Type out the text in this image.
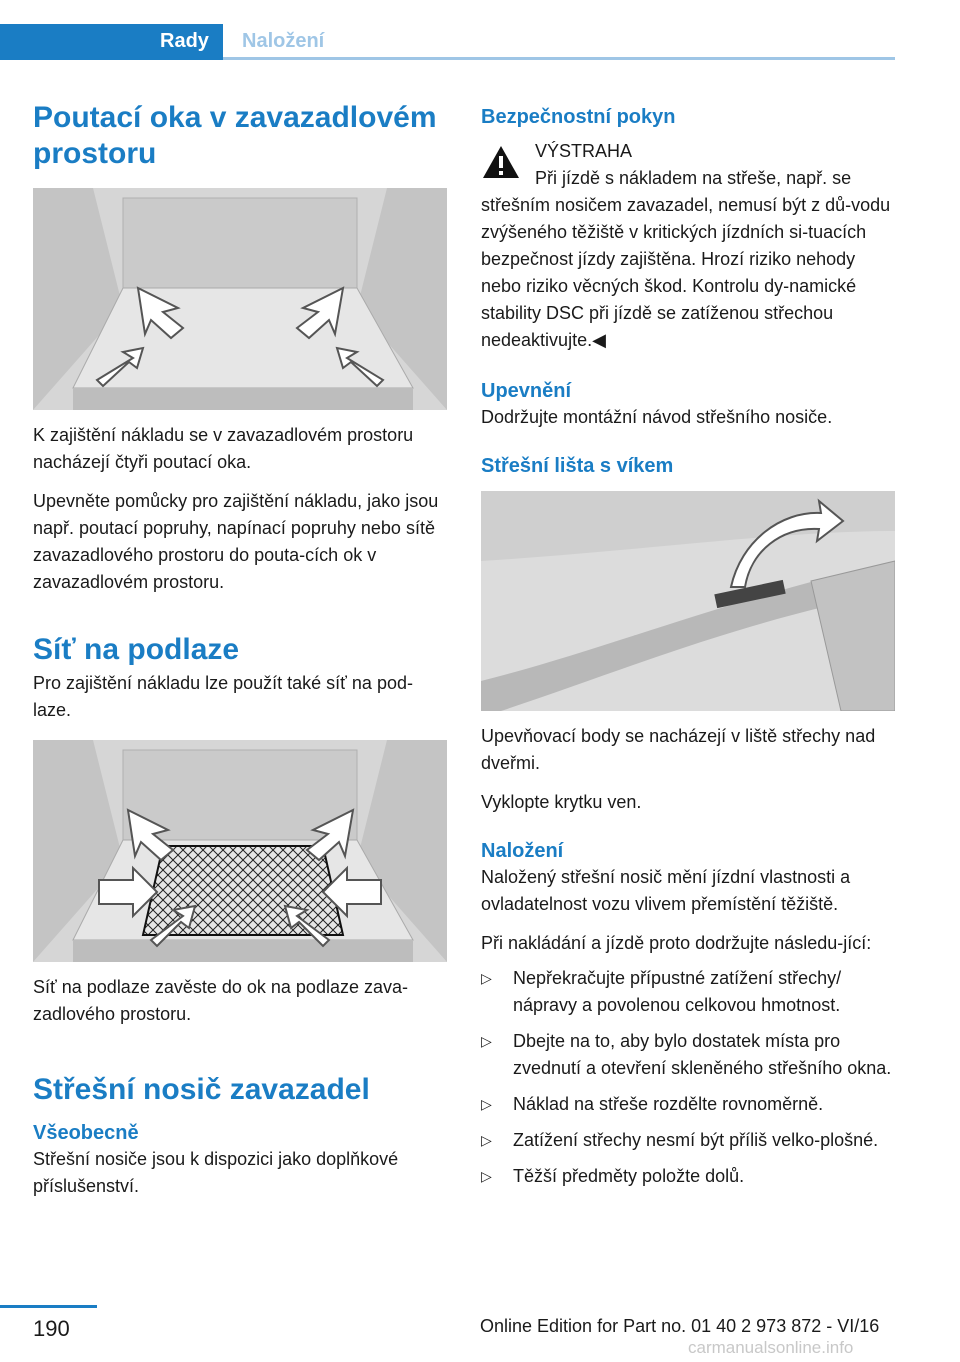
Rady Naložení
Poutací oka v zavazadlovém prostoru

K zajištění nákladu se v zavazadlovém prostoru nacházejí čtyři poutací oka.

Upevněte pomůcky pro zajištění nákladu, jako jsou např. poutací popruhy, napínací popruhy nebo sítě zavazadlového prostoru do pouta-cích ok v zavazadlovém prostoru.

Síť na podlaze

Pro zajištění nákladu lze použít také síť na pod-laze.

Síť na podlaze zavěste do ok na podlaze zava-zadlového prostoru.

Střešní nosič zavazadel
Všeobecně

Střešní nosiče jsou k dispozici jako doplňkové příslušenství.

Bezpečnostní pokyn

VÝSTRAHA

Při jízdě s nákladem na střeše, např. se

střešním nosičem zavazadel, nemusí být z dů-vodu zvýšeného těžiště v kritických jízdních si-tuacích bezpečnost jízdy zajištěna. Hrozí riziko nehody nebo riziko věcných škod. Kontrolu dy-namické stability DSC při jízdě se zatíženou střechou nedeaktivujte.◀

Upevnění

Dodržujte montážní návod střešního nosiče.

Střešní lišta s víkem

Upevňovací body se nacházejí v liště střechy nad dveřmi.

Vyklopte krytku ven.

Naložení

Naložený střešní nosič mění jízdní vlastnosti a ovladatelnost vozu vlivem přemístění těžiště.

Při nakládání a jízdě proto dodržujte následu-jící:

▷ Nepřekračujte přípustné zatížení střechy/ nápravy a povolenou celkovou hmotnost.
▷ Dbejte na to, aby bylo dostatek místa pro zvednutí a otevření skleněného střešního okna.
▷ Náklad na střeše rozdělte rovnoměrně.
▷ Zatížení střechy nesmí být příliš velko-plošné.
▷ Těžší předměty položte dolů.
190	Online Edition for Part no. 01 40 2 973 872 - VI/16
carmanualsonline.info
